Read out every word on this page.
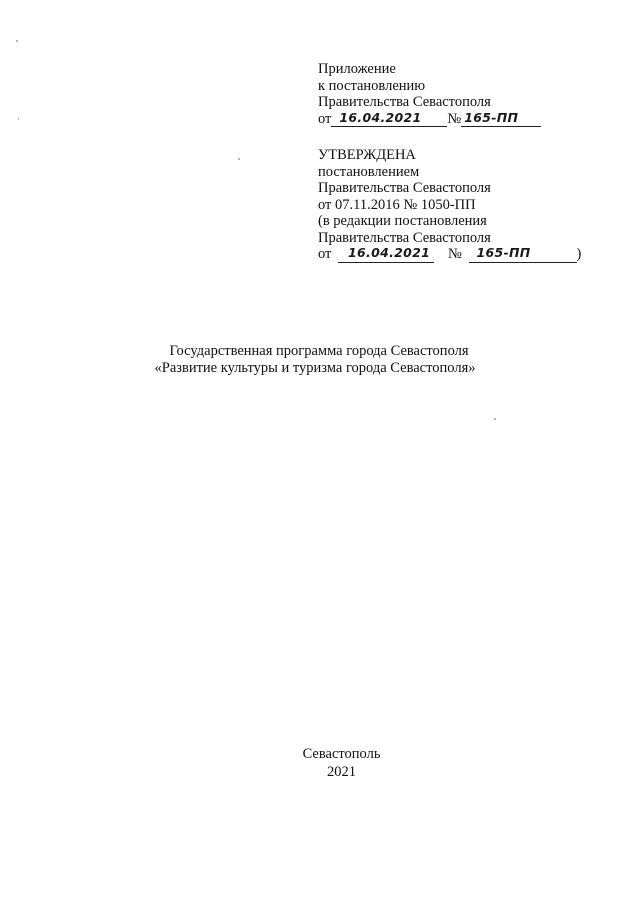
Приложение
к постановлению
Правительства Севастополя
от 16.04.2021 № 165-ПП
УТВЕРЖДЕНА
постановлением
Правительства Севастополя
от 07.11.2016 № 1050-ПП
(в редакции постановления
Правительства Севастополя
от 16.04.2021 № 165-ПП	)
Государственная программа города Севастополя
«Развитие культуры и туризма города Севастополя»
Севастополь
2021
